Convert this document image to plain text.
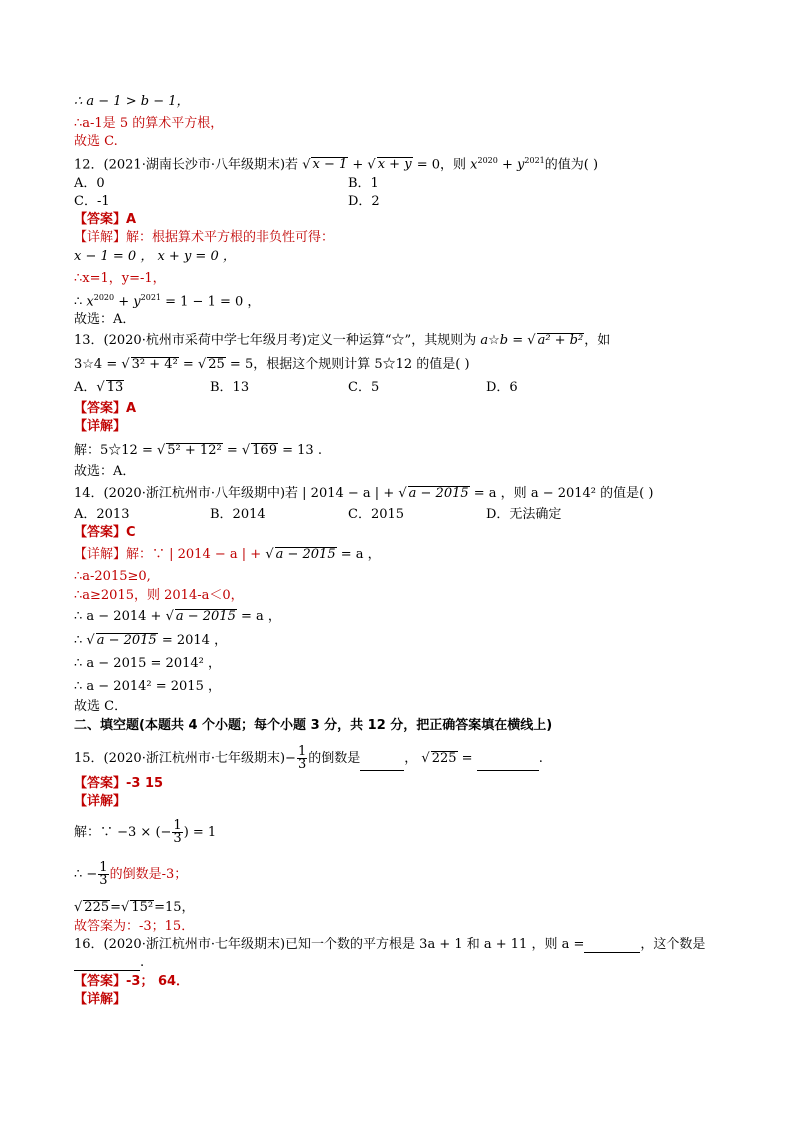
∴ a − 1 > b − 1，
∴a-1是 5 的算术平方根，
故选 C.
12．(2021·湖南长沙市·八年级期末)若 √ x − 1 + √ x + y = 0，则 $x^{2020} + y^{2021}$的值为( )
A．0	B．1
C．-1	D．2
【答案】A
【详解】解：根据算术平方根的非负性可得：
x − 1 = 0 ， x + y = 0 ，
∴x=1，y=-1，
∴ $x^{2020} + y^{2021} = 1 - 1 = 0$ ，
故选：A．
13．(2020·杭州市采荷中学七年级月考)定义一种运算“☆”，其规则为 a☆b = √ a² + b²，如
3☆4 = √ 3² + 4² = √ 25 = 5，根据这个规则计算 5☆12 的值是( )
A．√ 13	B．13	C．5	D．6
【答案】A
【详解】
解：5☆12 = √ 5² + 12² = √ 169 = 13 .
故选：A．
14．(2020·浙江杭州市·八年级期中)若 | 2014 − a | + √ a − 2015 = a ，则 a − 2014² 的值是( )
A．2013	B．2014	C．2015	D．无法确定
【答案】C
【详解】解：∵ | 2014 − a | + √ a − 2015 = a ，
∴a-2015≥0,
∴a≥2015，则 2014-a＜0，
∴ a − 2014 + √ a − 2015 = a ，
∴ √ a − 2015 = 2014 ，
∴ a − 2015 = 2014² ，
∴ a − 2014² = 2015 ，
故选 C．
二、填空题(本题共 4 个小题；每个小题 3 分，共 12 分，把正确答案填在横线上)
15．(2020·浙江杭州市·七年级期末)− $\frac{1}{3}$ 的倒数是	， √ 225 =	.
【答案】-3 15
【详解】
解：∵ −3 × (− $\frac{1}{3}$ ) = 1
∴ − $\frac{1}{3}$ 的倒数是-3；
√ 225=√ 15²=15，
故答案为：-3；15．
16．(2020·浙江杭州市·七年级期末)已知一个数的平方根是 3a + 1 和 a + 11 ，则 a =	，这个数是
.
【答案】-3； 64．
【详解】
